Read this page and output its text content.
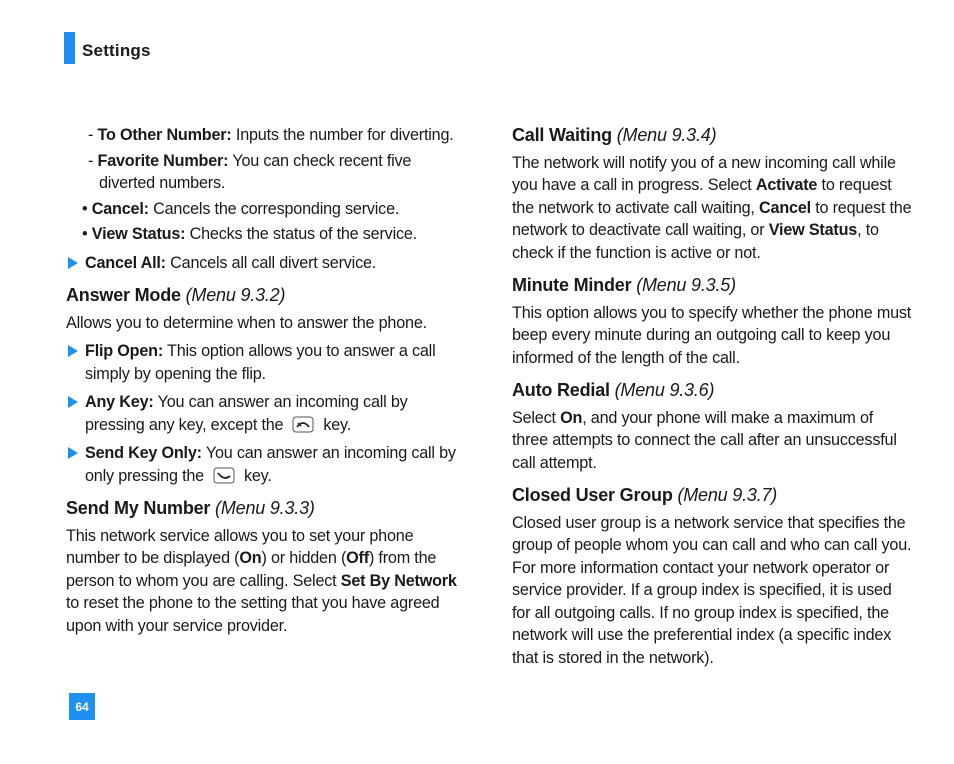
Settings

- To Other Number: Inputs the number for diverting.

- Favorite Number: You can check recent five diverted numbers.

• Cancel: Cancels the corresponding service.

• View Status: Checks the status of the service.

Cancel All: Cancels all call divert service.
Answer Mode (Menu 9.3.2)

Allows you to determine when to answer the phone.

Flip Open: This option allows you to answer a call simply by opening the flip.
Any Key: You can answer an incoming call by pressing any key, except the key.
Send Key Only: You can answer an incoming call by only pressing the key.
Send My Number (Menu 9.3.3)

This network service allows you to set your phone number to be displayed (On) or hidden (Off) from the person to whom you are calling. Select Set By Network to reset the phone to the setting that you have agreed upon with your service provider.

Call Waiting (Menu 9.3.4)

The network will notify you of a new incoming call while you have a call in progress. Select Activate to request the network to activate call waiting, Cancel to request the network to deactivate call waiting, or View Status, to check if the function is active or not.

Minute Minder (Menu 9.3.5)

This option allows you to specify whether the phone must beep every minute during an outgoing call to keep you informed of the length of the call.

Auto Redial (Menu 9.3.6)

Select On, and your phone will make a maximum of three attempts to connect the call after an unsuccessful call attempt.

Closed User Group (Menu 9.3.7)

Closed user group is a network service that specifies the group of people whom you can call and who can call you. For more information contact your network operator or service provider. If a group index is specified, it is used for all outgoing calls. If no group index is specified, the network will use the preferential index (a specific index that is stored in the network).

64
